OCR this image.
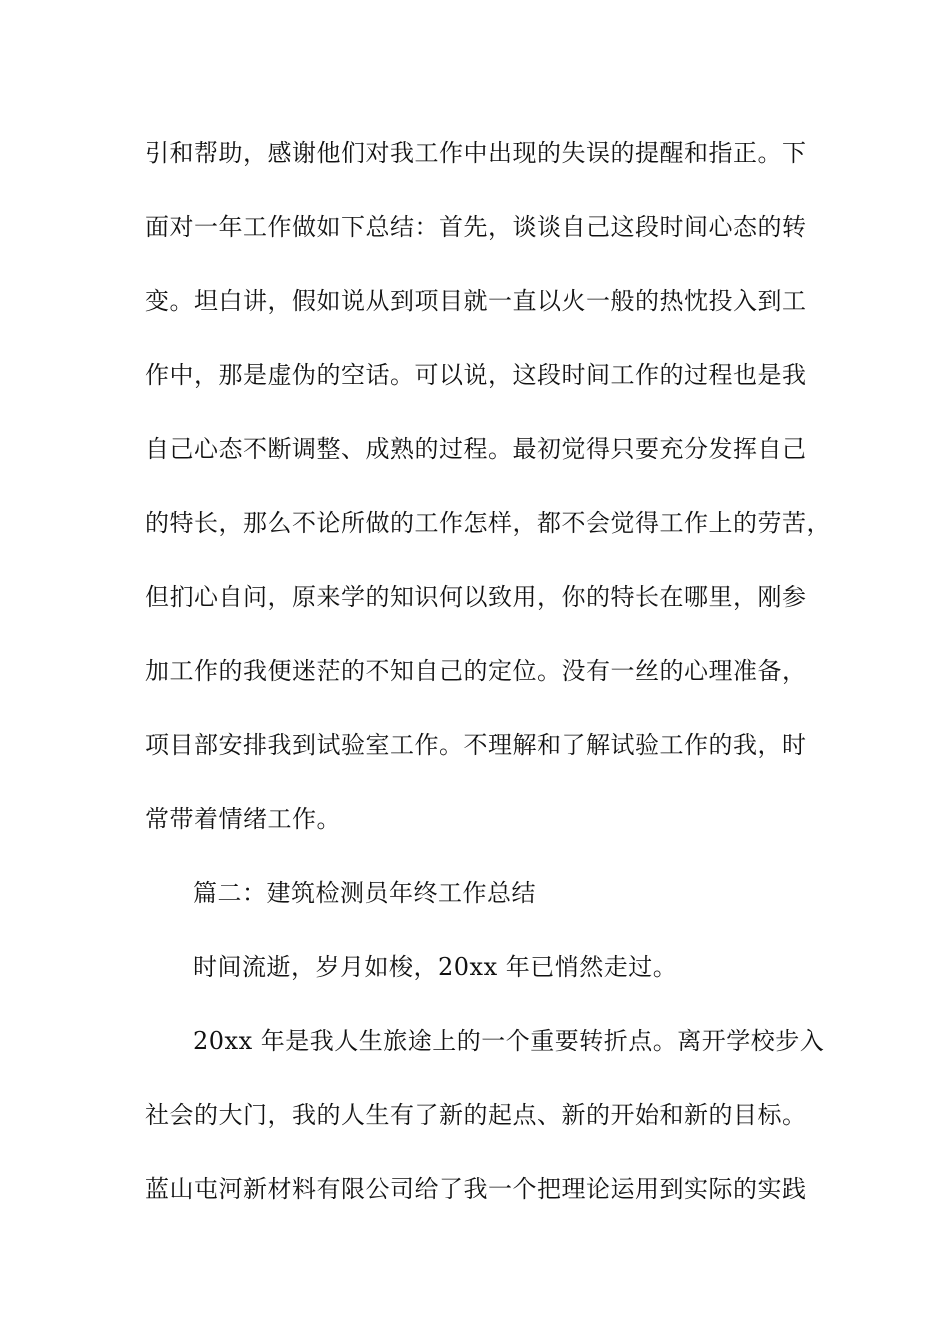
引和帮助，感谢他们对我工作中出现的失误的提醒和指正。下
面对一年工作做如下总结：首先，谈谈自己这段时间心态的转
变。坦白讲，假如说从到项目就一直以火一般的热忱投入到工
作中，那是虚伪的空话。可以说，这段时间工作的过程也是我
自己心态不断调整、成熟的过程。最初觉得只要充分发挥自己
的特长，那么不论所做的工作怎样，都不会觉得工作上的劳苦，
但扪心自问，原来学的知识何以致用，你的特长在哪里，刚参
加工作的我便迷茫的不知自己的定位。没有一丝的心理准备，
项目部安排我到试验室工作。不理解和了解试验工作的我，时
常带着情绪工作。
篇二：建筑检测员年终工作总结
时间流逝，岁月如梭，20xx 年已悄然走过。
20xx 年是我人生旅途上的一个重要转折点。离开学校步入
社会的大门，我的人生有了新的起点、新的开始和新的目标。
蓝山屯河新材料有限公司给了我一个把理论运用到实际的实践
